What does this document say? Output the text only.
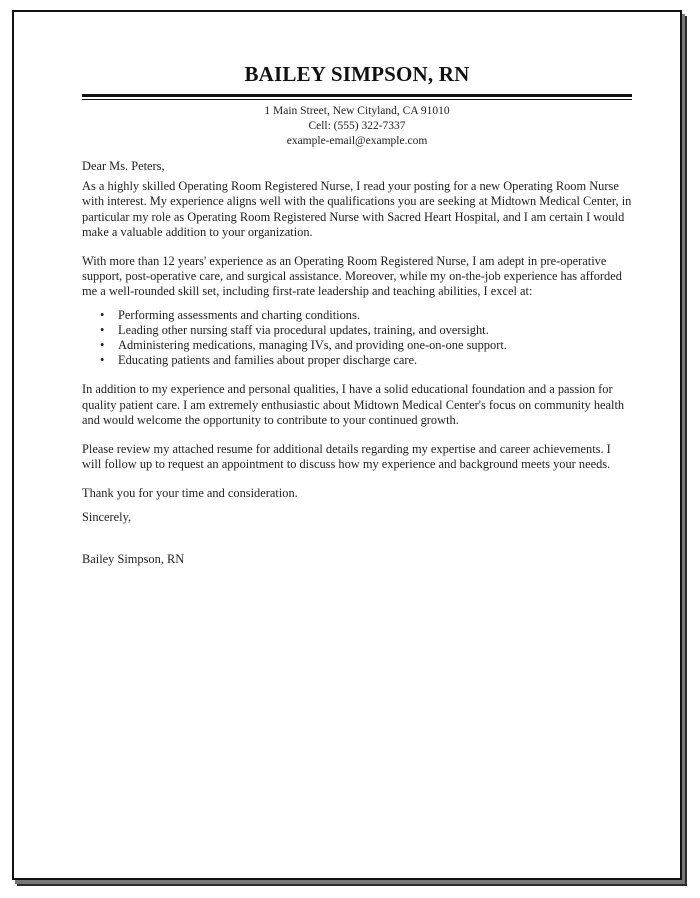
BAILEY SIMPSON, RN
1 Main Street, New Cityland, CA 91010
Cell: (555) 322-7337
example-email@example.com

Dear Ms. Peters,

As a highly skilled Operating Room Registered Nurse, I read your posting for a new Operating Room Nurse with interest. My experience aligns well with the qualifications you are seeking at Midtown Medical Center, in particular my role as Operating Room Registered Nurse with Sacred Heart Hospital, and I am certain I would make a valuable addition to your organization.

With more than 12 years' experience as an Operating Room Registered Nurse, I am adept in pre-operative support, post-operative care, and surgical assistance. Moreover, while my on-the-job experience has afforded me a well-rounded skill set, including first-rate leadership and teaching abilities, I excel at:

• Performing assessments and charting conditions.
• Leading other nursing staff via procedural updates, training, and oversight.
• Administering medications, managing IVs, and providing one-on-one support.
• Educating patients and families about proper discharge care.

In addition to my experience and personal qualities, I have a solid educational foundation and a passion for quality patient care. I am extremely enthusiastic about Midtown Medical Center's focus on community health and would welcome the opportunity to contribute to your continued growth.

Please review my attached resume for additional details regarding my expertise and career achievements. I will follow up to request an appointment to discuss how my experience and background meets your needs.

Thank you for your time and consideration.

Sincerely,

Bailey Simpson, RN
